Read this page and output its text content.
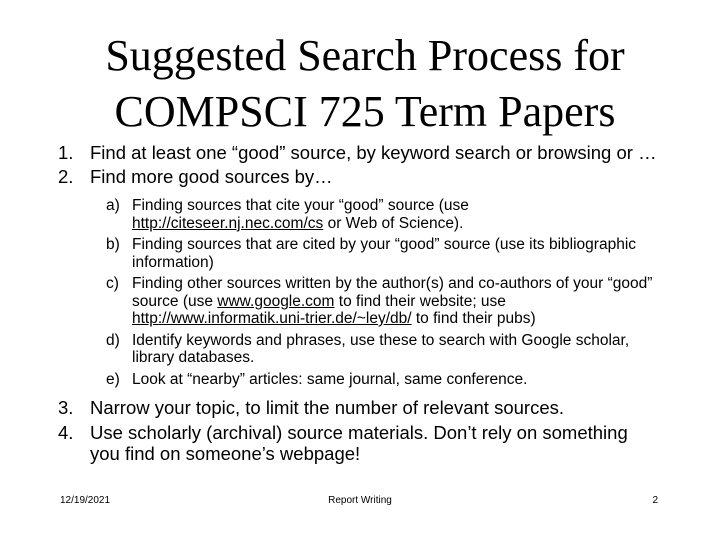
Suggested Search Process for
COMPSCI 725 Term Papers
1. Find at least one “good” source, by keyword search or browsing or …
2. Find more good sources by…
a) Finding sources that cite your “good” source (use http://citeseer.nj.nec.com/cs or Web of Science).
b) Finding sources that are cited by your “good” source (use its bibliographic information)
c) Finding other sources written by the author(s) and co-authors of your “good” source (use www.google.com to find their website; use http://www.informatik.uni-trier.de/~ley/db/ to find their pubs)
d) Identify keywords and phrases, use these to search with Google scholar, library databases.
e) Look at “nearby” articles: same journal, same conference.
3. Narrow your topic, to limit the number of relevant sources.
4. Use scholarly (archival) source materials. Don’t rely on something you find on someone’s webpage!
12/19/2021	Report Writing	2
